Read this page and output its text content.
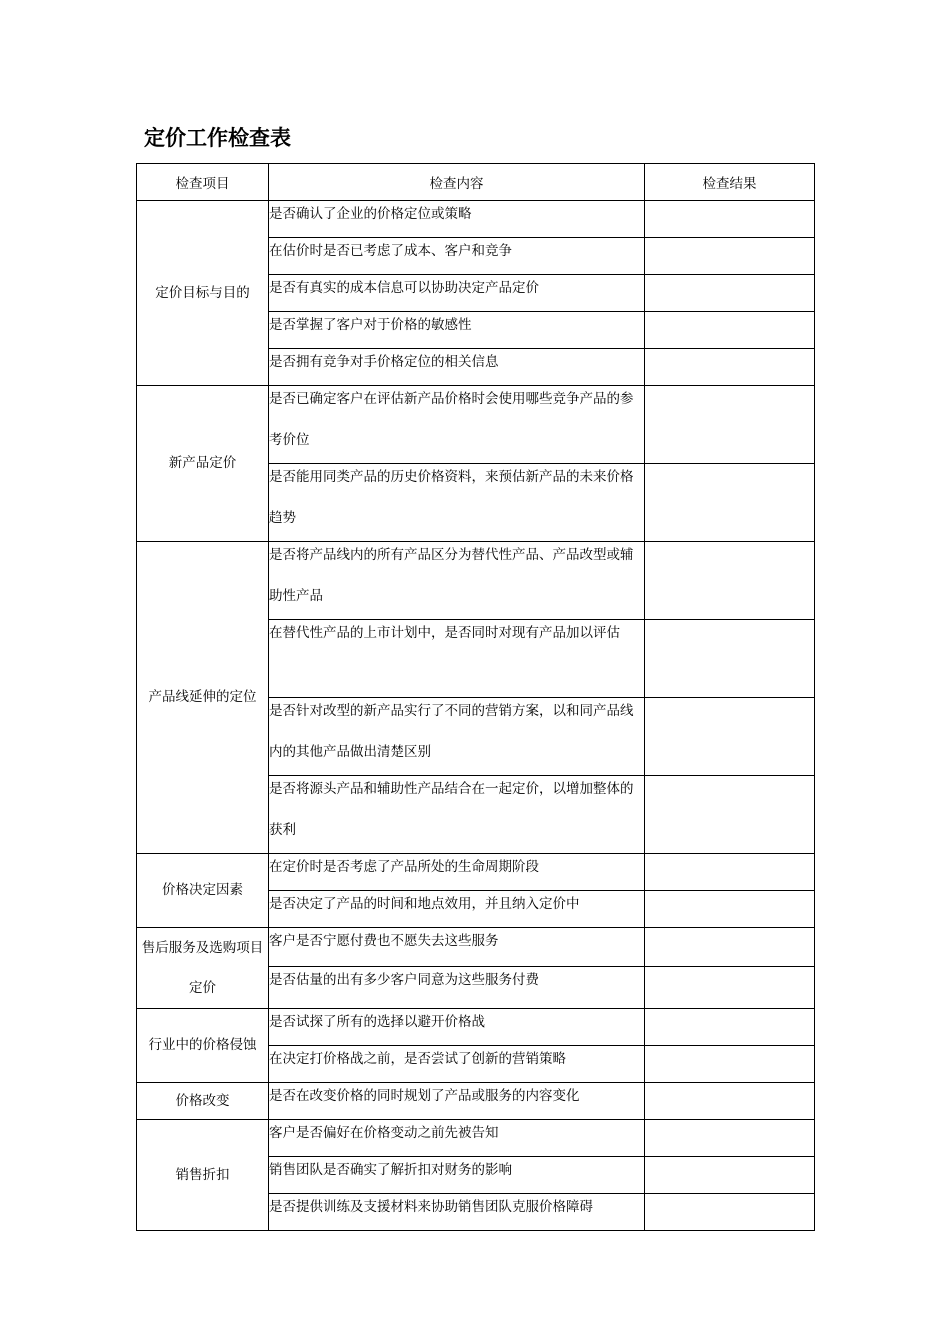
定价工作检查表
检查项目	检查内容	检查结果
定价目标与目的	是否确认了企业的价格定位或策略	
	在估价时是否已考虑了成本、客户和竞争	
	是否有真实的成本信息可以协助决定产品定价	
	是否掌握了客户对于价格的敏感性	
	是否拥有竞争对手价格定位的相关信息	
新产品定价	是否已确定客户在评估新产品价格时会使用哪些竞争产品的参考价位	

	是否能用同类产品的历史价格资料，来预估新产品的未来价格趋势	

产品线延伸的定位	是否将产品线内的所有产品区分为替代性产品、产品改型或辅助性产品	

	在替代性产品的上市计划中，是否同时对现有产品加以评估	

	是否针对改型的新产品实行了不同的营销方案，以和同产品线内的其他产品做出清楚区别	

	是否将源头产品和辅助性产品结合在一起定价，以增加整体的获利	

价格决定因素	在定价时是否考虑了产品所处的生命周期阶段	
	是否决定了产品的时间和地点效用，并且纳入定价中	
售后服务及选购项目定价	客户是否宁愿付费也不愿失去这些服务	
	是否估量的出有多少客户同意为这些服务付费	
行业中的价格侵蚀	是否试探了所有的选择以避开价格战	
	在决定打价格战之前，是否尝试了创新的营销策略	
价格改变	是否在改变价格的同时规划了产品或服务的内容变化	
销售折扣	客户是否偏好在价格变动之前先被告知	
	销售团队是否确实了解折扣对财务的影响	
	是否提供训练及支援材料来协助销售团队克服价格障碍	
